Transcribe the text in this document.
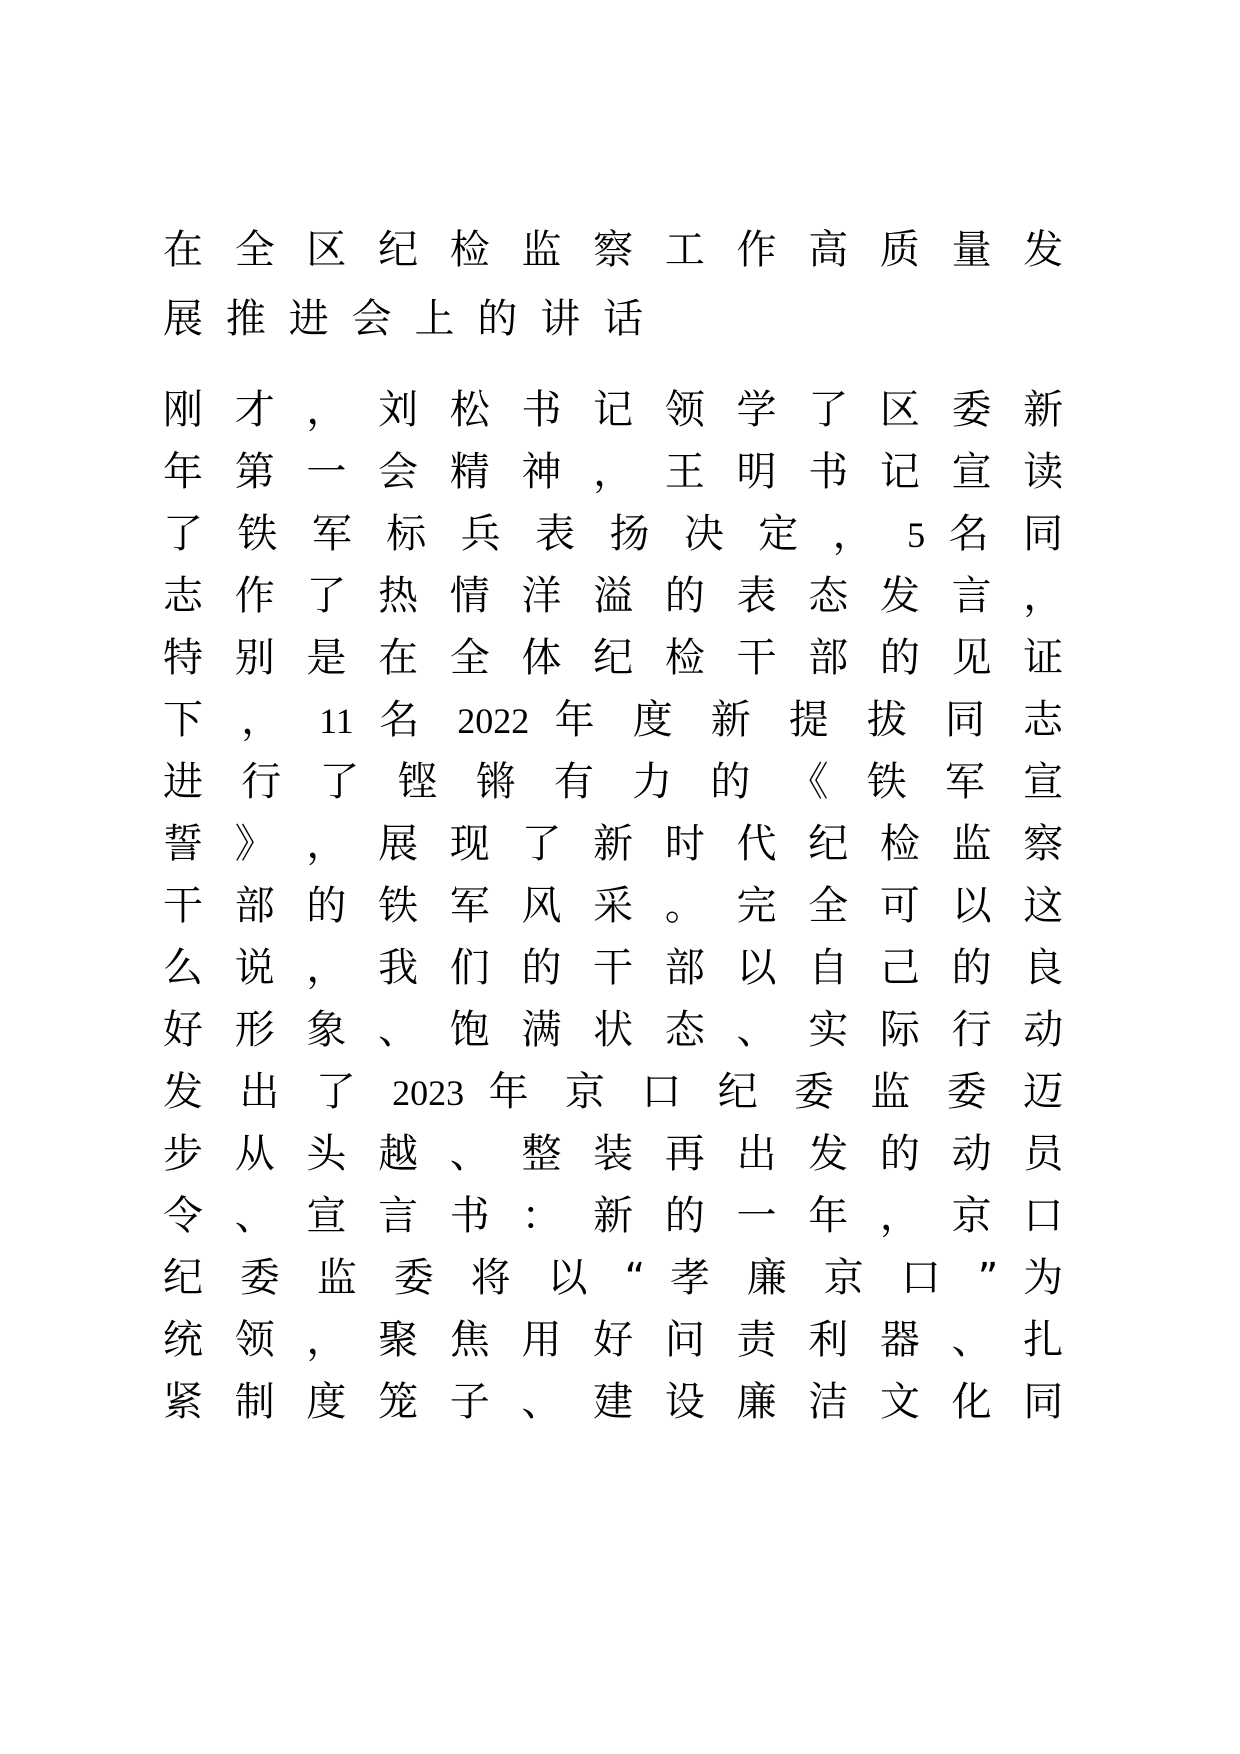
在 全 区 纪 检 监 察 工 作 高 质 量 发
展 推 进 会 上 的 讲 话
刚 才 ， 刘 松 书 记 领 学 了 区 委 新
年 第 一 会 精 神 ， 王 明 书 记 宣 读
了 铁 军 标 兵 表 扬 决 定 ， 5 名 同
志 作 了 热 情 洋 溢 的 表 态 发 言 ，
特 别 是 在 全 体 纪 检 干 部 的 见 证
下 ， 11 名 2022 年 度 新 提 拔 同 志
进 行 了 铿 锵 有 力 的 《 铁 军 宣
誓 》 ， 展 现 了 新 时 代 纪 检 监 察
干 部 的 铁 军 风 采 。 完 全 可 以 这
么 说 ， 我 们 的 干 部 以 自 己 的 良
好 形 象 、 饱 满 状 态 、 实 际 行 动
发 出 了 2023 年 京 口 纪 委 监 委 迈
步 从 头 越 、 整 装 再 出 发 的 动 员
令 、 宣 言 书 ： 新 的 一 年 ， 京 口
纪 委 监 委 将 以 “ 孝 廉 京 口 ” 为
统 领 ， 聚 焦 用 好 问 责 利 器 、 扎
紧 制 度 笼 子 、 建 设 廉 洁 文 化 同
